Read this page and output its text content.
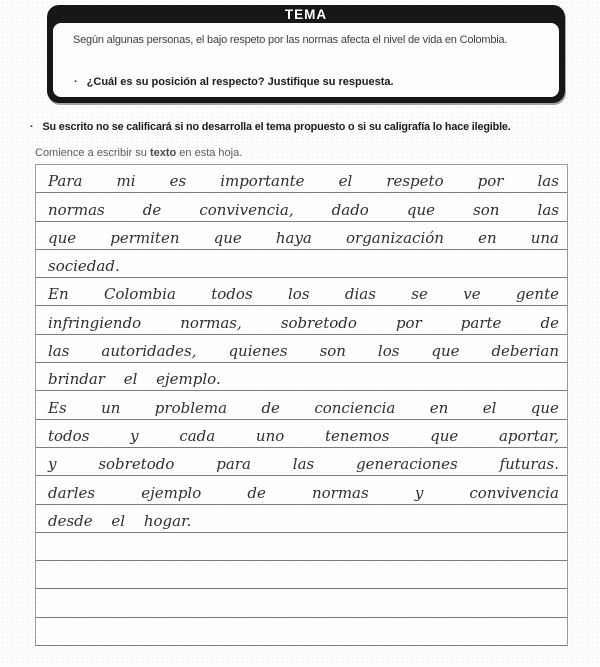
TEMA
Según algunas personas, el bajo respeto por las normas afecta el nivel de vida en Colombia.
· ¿Cuál es su posición al respecto? Justifique su respuesta.
· Su escrito no se calificará si no desarrolla el tema propuesto o si su caligrafía lo hace ilegible.
Comience a escribir su texto en esta hoja.
Para mi es importante el respeto por las
normas	de	convivencia,	dado	que	son	las
que permiten que haya organización en una
sociedad.
En Colombia todos los dias se ve gente
infringiendo	normas,	sobretodo	por	parte	de
las autoridades, quienes son los que deberian
brindar el ejemplo.
Es un problema de conciencia en el que
todos	y	cada	uno	tenemos	que	aportar,
y	sobretodo	para	las	generaciones	futuras.
darles	ejemplo	de	normas	y	convivencia
desde el hogar.
